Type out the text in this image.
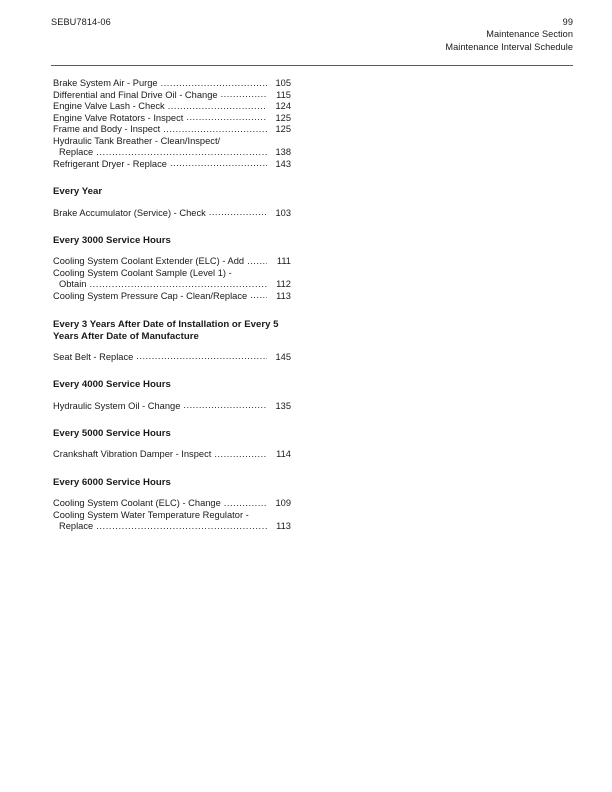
SEBU7814-06	99
Maintenance Section
Maintenance Interval Schedule
Brake System Air - Purge .....	105
Differential and Final Drive Oil - Change .....	115
Engine Valve Lash - Check .....	124
Engine Valve Rotators - Inspect .....	125
Frame and Body - Inspect .....	125
Hydraulic Tank Breather - Clean/Inspect/
Replace .....	138
Refrigerant Dryer - Replace .....	143
Every Year
Brake Accumulator (Service) - Check .....	103
Every 3000 Service Hours
Cooling System Coolant Extender (ELC) - Add .....	111
Cooling System Coolant Sample (Level 1) -
Obtain .....	112
Cooling System Pressure Cap - Clean/Replace .....	113
Every 3 Years After Date of Installation or Every 5 Years After Date of Manufacture
Seat Belt - Replace .....	145
Every 4000 Service Hours
Hydraulic System Oil - Change .....	135
Every 5000 Service Hours
Crankshaft Vibration Damper - Inspect .....	114
Every 6000 Service Hours
Cooling System Coolant (ELC) - Change .....	109
Cooling System Water Temperature Regulator -
Replace .....	113
